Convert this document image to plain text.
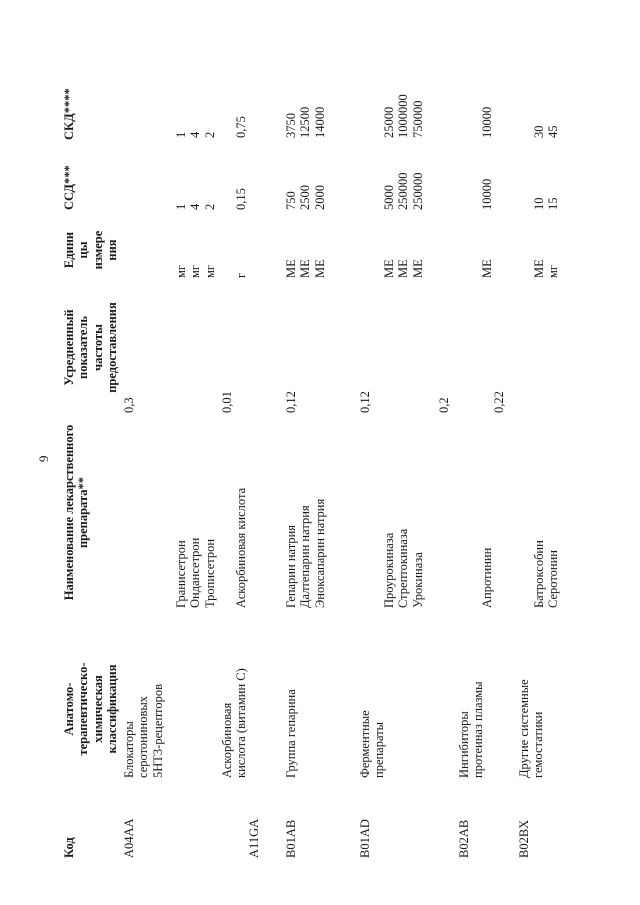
9
Код
Анатомо- терапевтическо- химическая классификация
Наименование лекарственного препарата**
Усредненный показатель частоты предоставления
Едини цы измере ния
ССД***
СКД****
A04AA
Блокаторы серотониновых 5HT3-рецепторов
0,3
Гранисетрон Ондансетрон Трописетрон
мг мг мг
1 4 2
1 4 2
A11GA
Аскорбиновая кислота (витамин С)
0,01
Аскорбиновая кислота
г
0,15
0,75
B01AB
Группа гепарина
0,12
Гепарин натрия Далтепарин натрия Эноксапарин натрия
МЕ МЕ МЕ
750 2500 2000
3750 12500 14000
B01AD
Ферментные препараты
0,12
Проурокиназа Стрептокиназа Урокиназа
МЕ МЕ МЕ
5000 250000 250000
25000 1000000 750000
B02AB
Ингибиторы протеиназ плазмы
0,2
Апротинин
МЕ
10000
10000
B02BX
Другие системные гемостатики
0,22
Батроксобин Серотонин
МЕ мг
10 15
30 45
